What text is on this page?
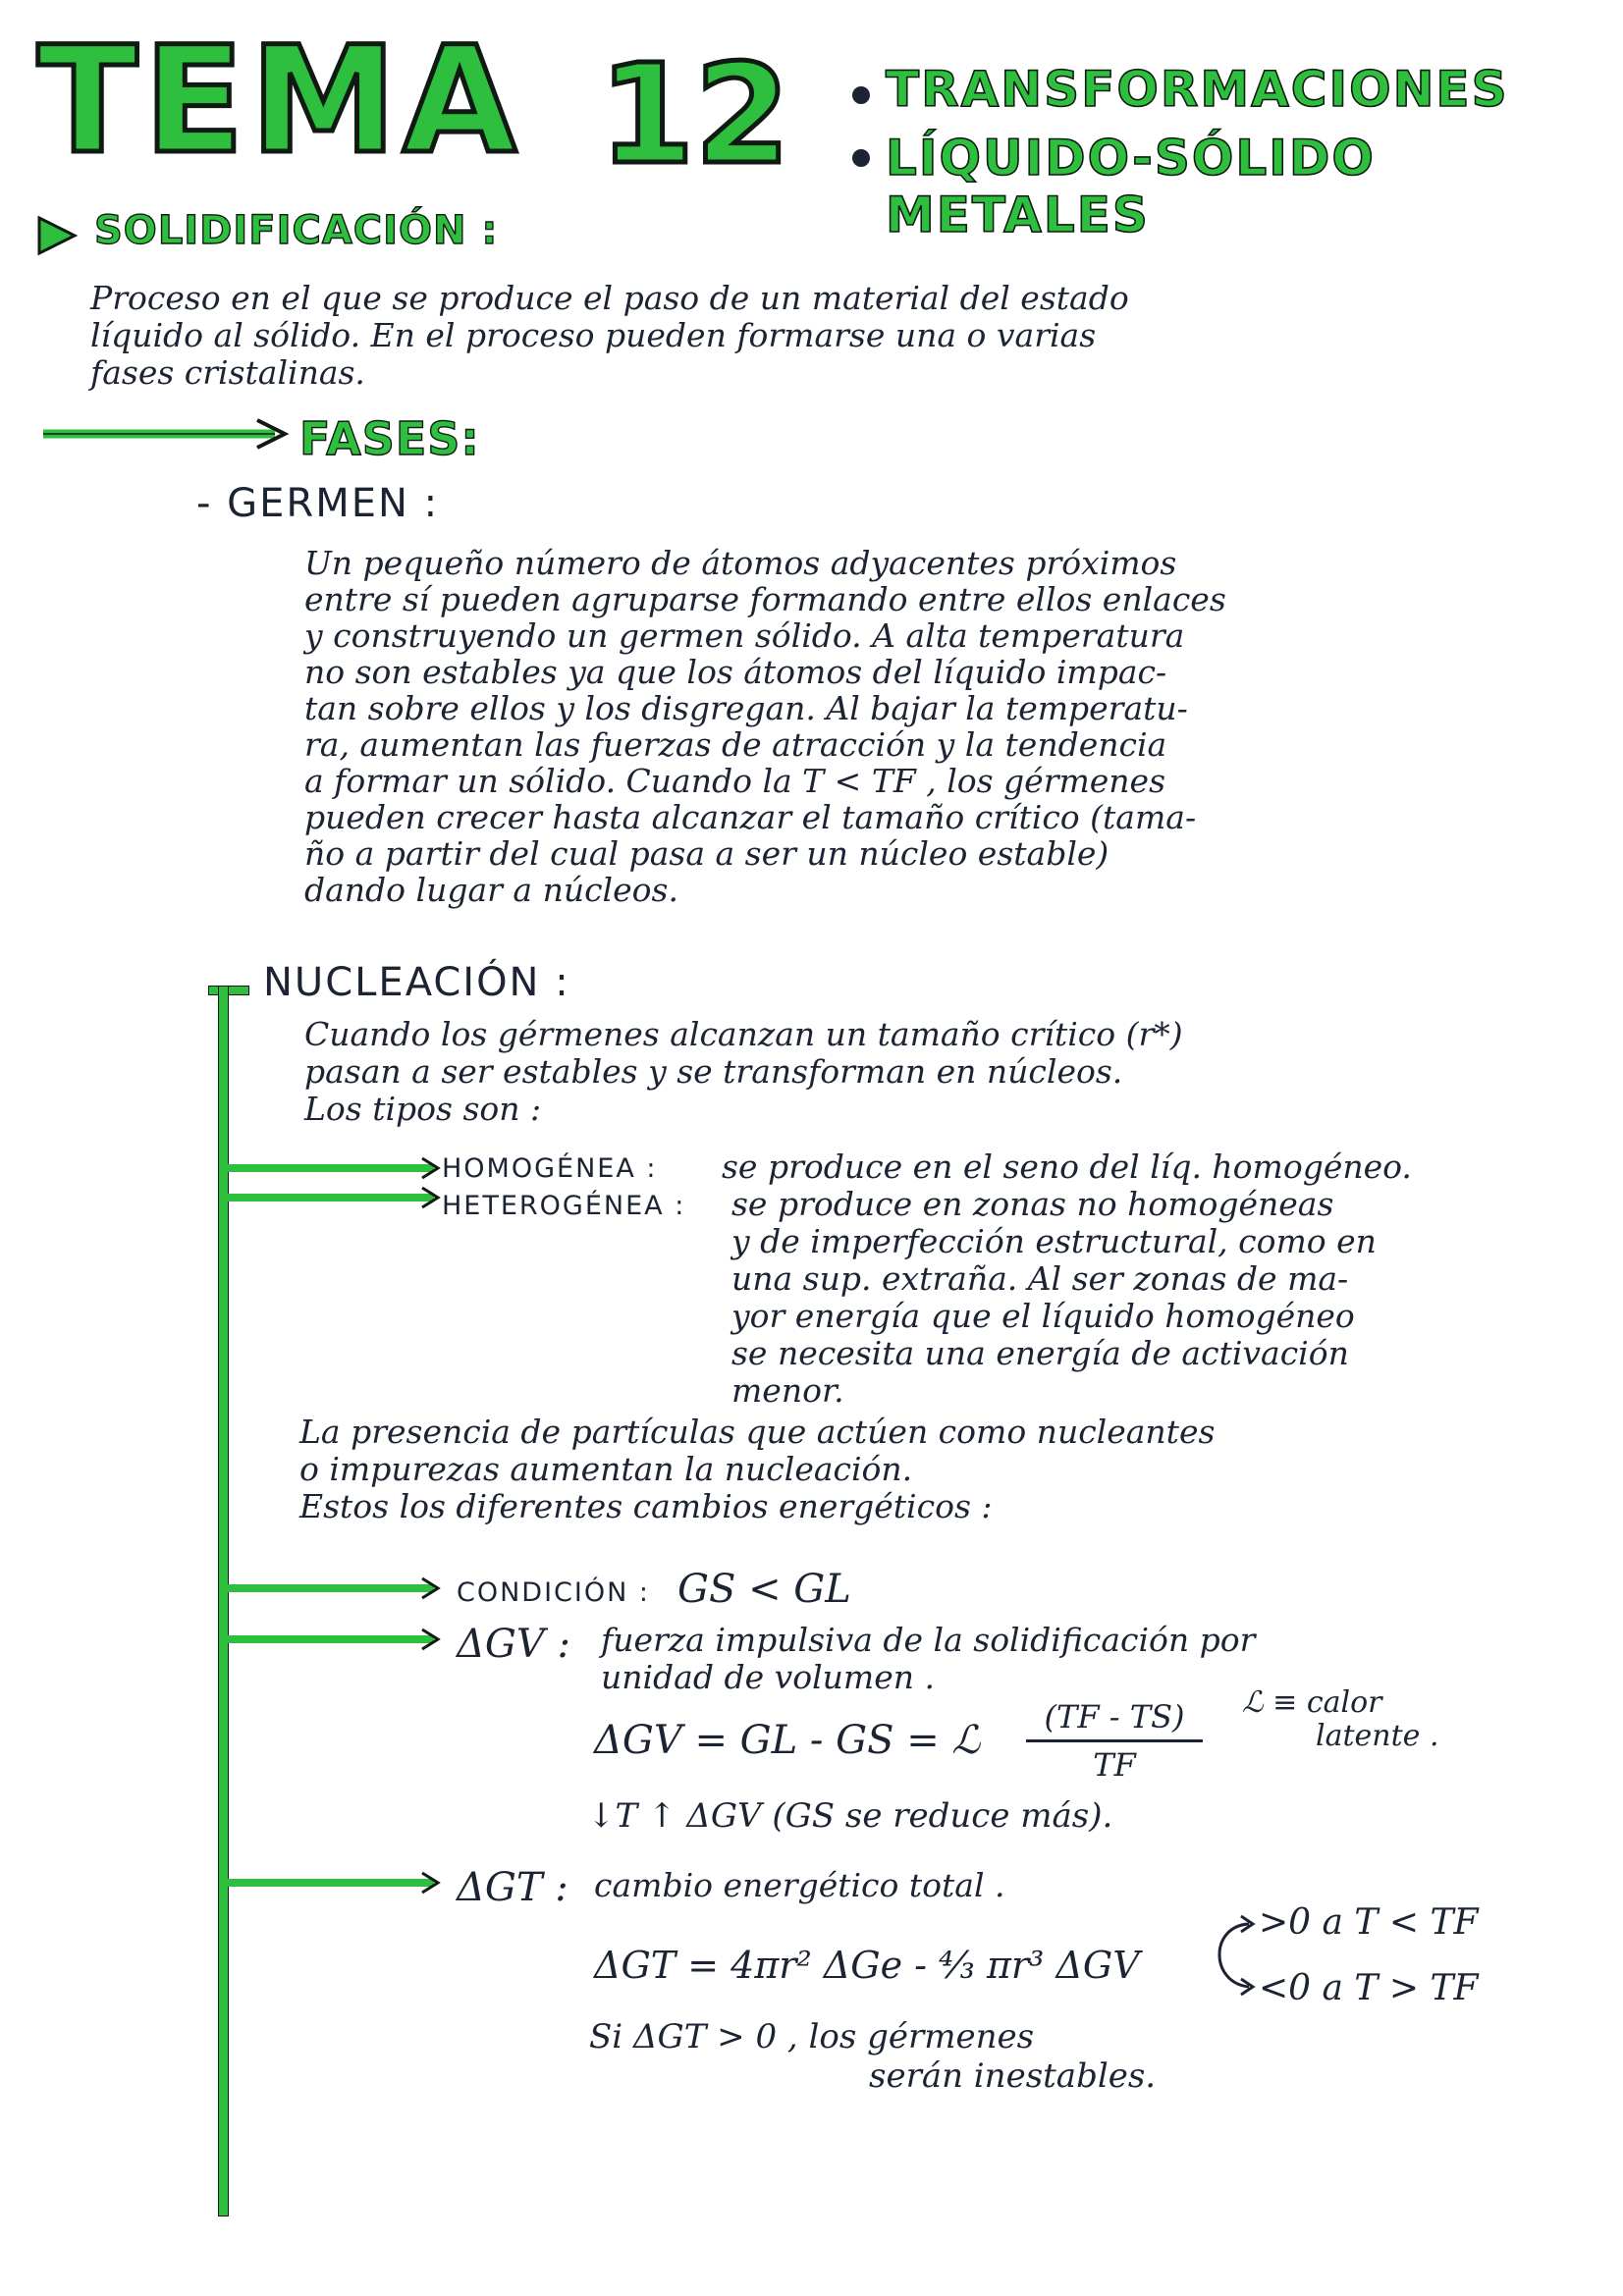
TEMA 12 TRANSFORMACIONES
LÍQUIDO-SÓLIDO METALES
SOLIDIFICACIÓN :
Proceso en el que se produce el paso de un material del estado
líquido al sólido. En el proceso pueden formarse una o varias
fases cristalinas.
FASES:
- GERMEN :
Un pequeño número de átomos adyacentes próximos
entre sí pueden agruparse formando entre ellos enlaces
y construyendo un germen sólido. A alta temperatura
no son estables ya que los átomos del líquido impac-
tan sobre ellos y los disgregan. Al bajar la temperatu-
ra, aumentan las fuerzas de atracción y la tendencia
a formar un sólido. Cuando la T < TF , los gérmenes
pueden crecer hasta alcanzar el tamaño crítico (tama-
ño a partir del cual pasa a ser un núcleo estable)
dando lugar a núcleos.
NUCLEACIÓN :
Cuando los gérmenes alcanzan un tamaño crítico (r*)
pasan a ser estables y se transforman en núcleos.
Los tipos son :
HOMOGÉNEA : se produce en el seno del líq. homogéneo.
HETEROGÉNEA : se produce en zonas no homogéneas
y de imperfección estructural, como en
una sup. extraña. Al ser zonas de ma-
yor energía que el líquido homogéneo
se necesita una energía de activación
menor.
La presencia de partículas que actúen como nucleantes
o impurezas aumentan la nucleación.
Estos los diferentes cambios energéticos :
CONDICIÓN : GS < GL
ΔGV : fuerza impulsiva de la solidificación por
unidad de volumen .
ΔGV = GL - GS = ℒ
(TF - TS)
TF
ℒ ≡ calor
latente .
↓T ↑ ΔGV (GS se reduce más).
ΔGT : cambio energético total .
ΔGT = 4πr² ΔGe - ⁴⁄₃ πr³ ΔGV
>0 a T < TF
<0 a T > TF
Si ΔGT > 0 , los gérmenes
serán inestables.
